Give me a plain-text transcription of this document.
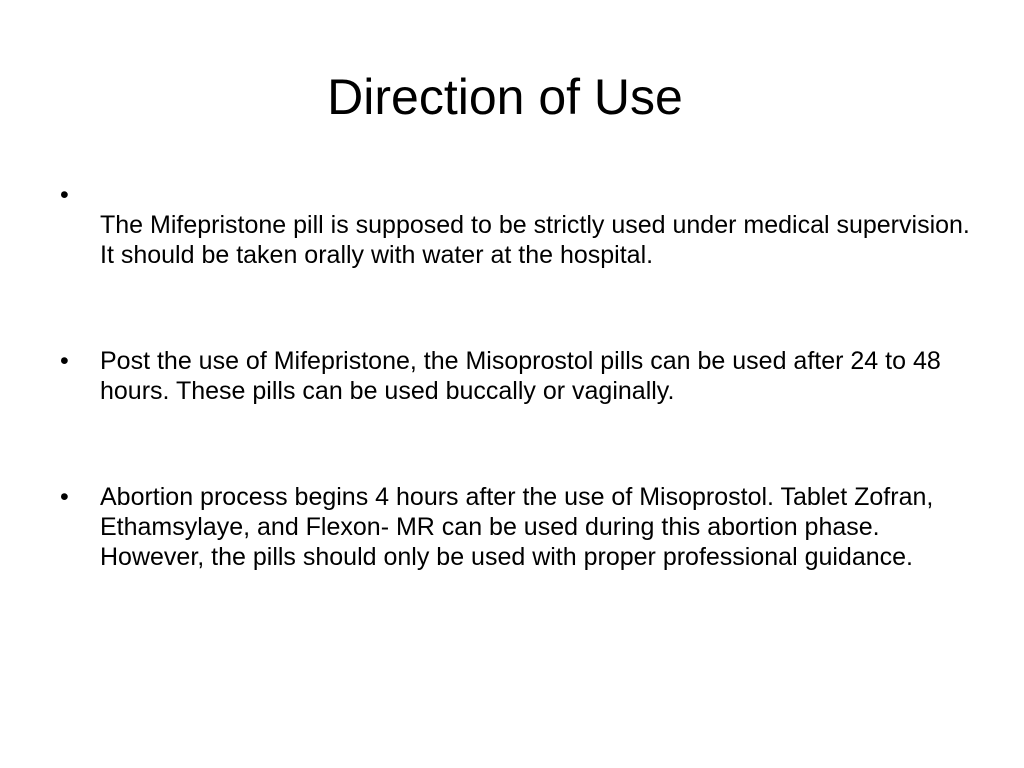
Direction of Use
•
The Mifepristone pill is supposed to be strictly used under medical supervision. It should be taken orally with water at the hospital.
•	Post the use of Mifepristone, the Misoprostol pills can be used after 24 to 48 hours. These pills can be used buccally or vaginally.
•	Abortion process begins 4 hours after the use of Misoprostol. Tablet Zofran, Ethamsylaye, and Flexon- MR can be used during this abortion phase. However, the pills should only be used with proper professional guidance.
